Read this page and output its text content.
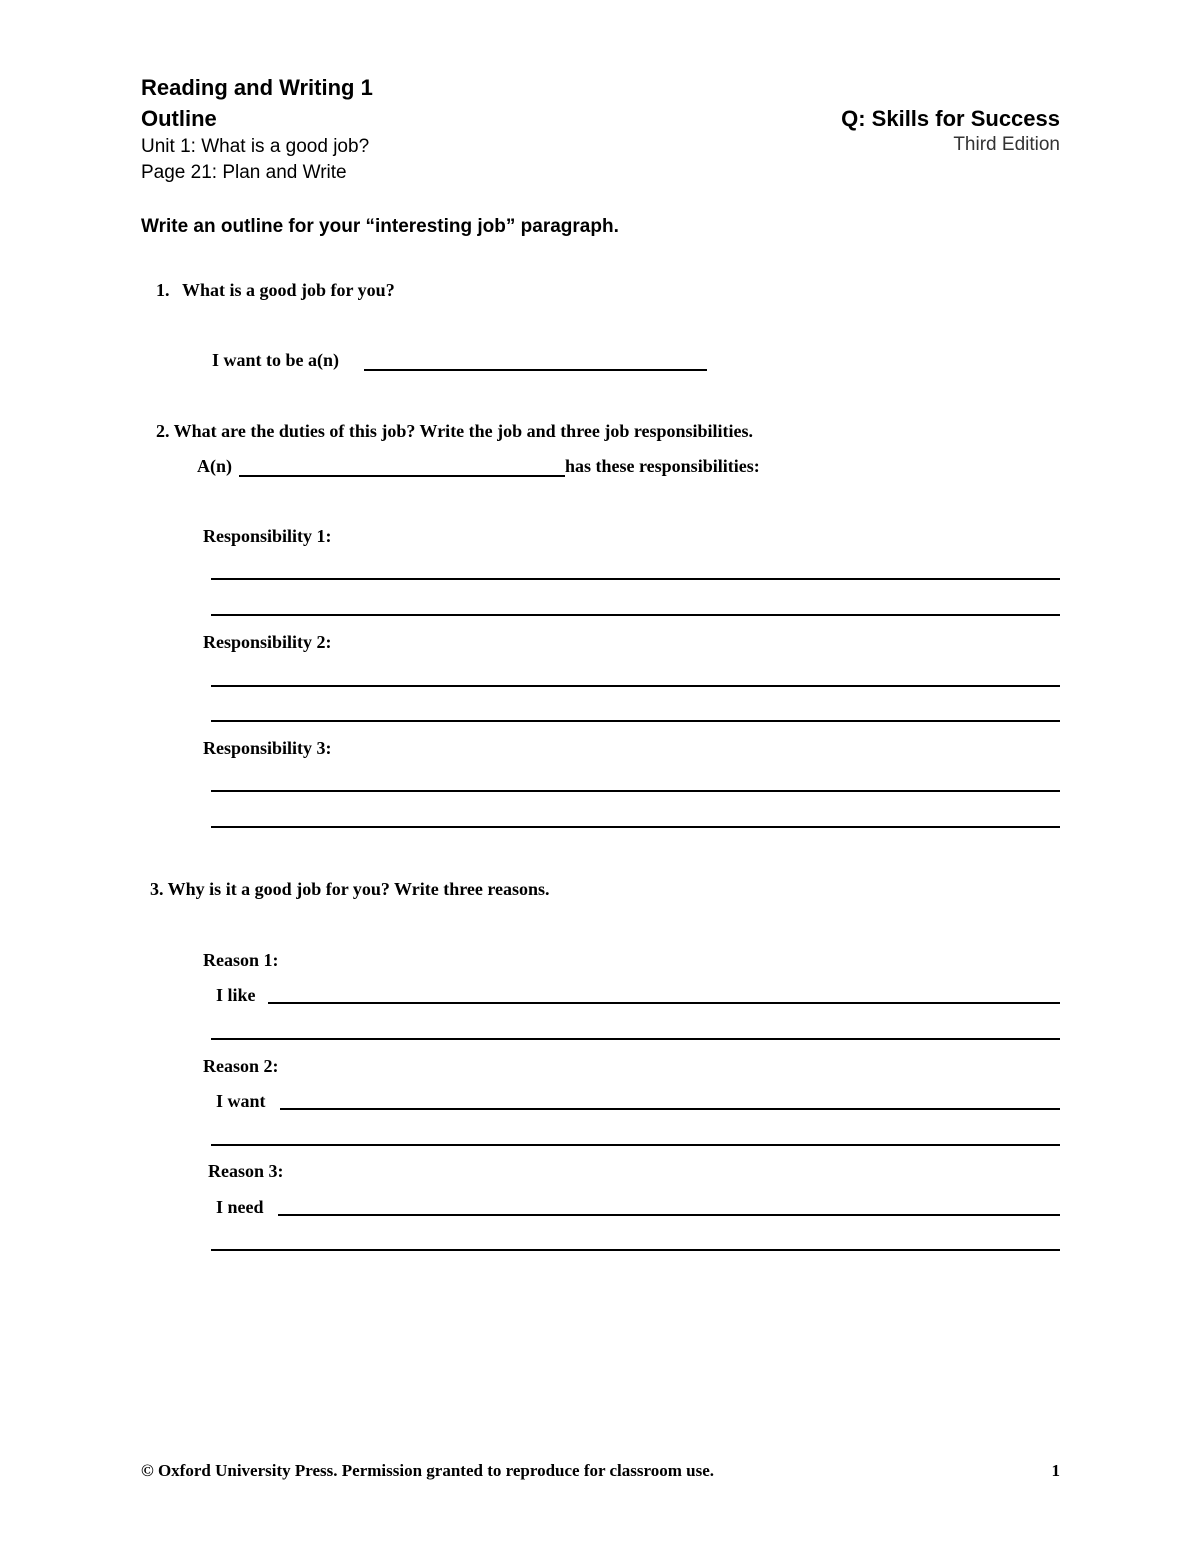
Reading and Writing 1
Outline
Unit 1: What is a good job?
Page 21: Plan and Write
Q: Skills for Success
Third Edition
Write an outline for your “interesting job” paragraph.
1. What is a good job for you?
I want to be a(n)
2. What are the duties of this job? Write the job and three job responsibilities.
A(n)	has these responsibilities:
Responsibility 1:
Responsibility 2:
Responsibility 3:
3. Why is it a good job for you? Write three reasons.
Reason 1:
I like
Reason 2:
I want
Reason 3:
I need
© Oxford University Press. Permission granted to reproduce for classroom use.	1
